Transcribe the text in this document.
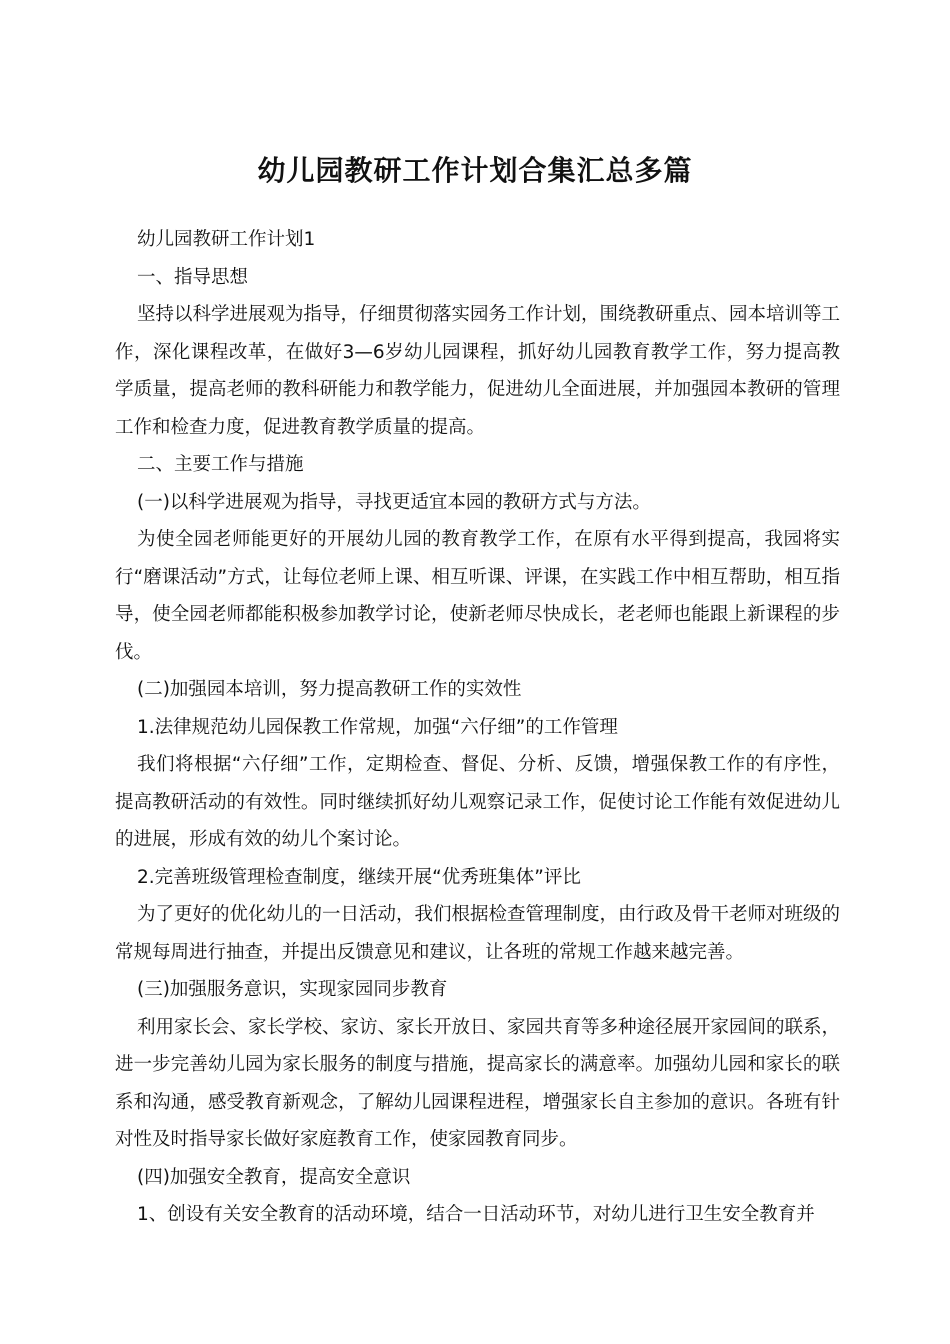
幼儿园教研工作计划合集汇总多篇

幼儿园教研工作计划1

一、指导思想

坚持以科学进展观为指导，仔细贯彻落实园务工作计划，围绕教研重点、园本培训等工作，深化课程改革，在做好3—6岁幼儿园课程，抓好幼儿园教育教学工作，努力提高教学质量，提高老师的教科研能力和教学能力，促进幼儿全面进展，并加强园本教研的管理工作和检查力度，促进教育教学质量的提高。

二、主要工作与措施

(一)以科学进展观为指导，寻找更适宜本园的教研方式与方法。

为使全园老师能更好的开展幼儿园的教育教学工作，在原有水平得到提高，我园将实行“磨课活动”方式，让每位老师上课、相互听课、评课，在实践工作中相互帮助，相互指导，使全园老师都能积极参加教学讨论，使新老师尽快成长，老老师也能跟上新课程的步伐。

(二)加强园本培训，努力提高教研工作的实效性

1.法律规范幼儿园保教工作常规，加强“六仔细”的工作管理

我们将根据“六仔细”工作，定期检查、督促、分析、反馈，增强保教工作的有序性，提高教研活动的有效性。同时继续抓好幼儿观察记录工作，促使讨论工作能有效促进幼儿的进展，形成有效的幼儿个案讨论。

2.完善班级管理检查制度，继续开展“优秀班集体”评比

为了更好的优化幼儿的一日活动，我们根据检查管理制度，由行政及骨干老师对班级的常规每周进行抽查，并提出反馈意见和建议，让各班的常规工作越来越完善。

(三)加强服务意识，实现家园同步教育

利用家长会、家长学校、家访、家长开放日、家园共育等多种途径展开家园间的联系，进一步完善幼儿园为家长服务的制度与措施，提高家长的满意率。加强幼儿园和家长的联系和沟通，感受教育新观念，了解幼儿园课程进程，增强家长自主参加的意识。各班有针对性及时指导家长做好家庭教育工作，使家园教育同步。

(四)加强安全教育，提高安全意识

1、创设有关安全教育的活动环境，结合一日活动环节，对幼儿进行卫生安全教育并
